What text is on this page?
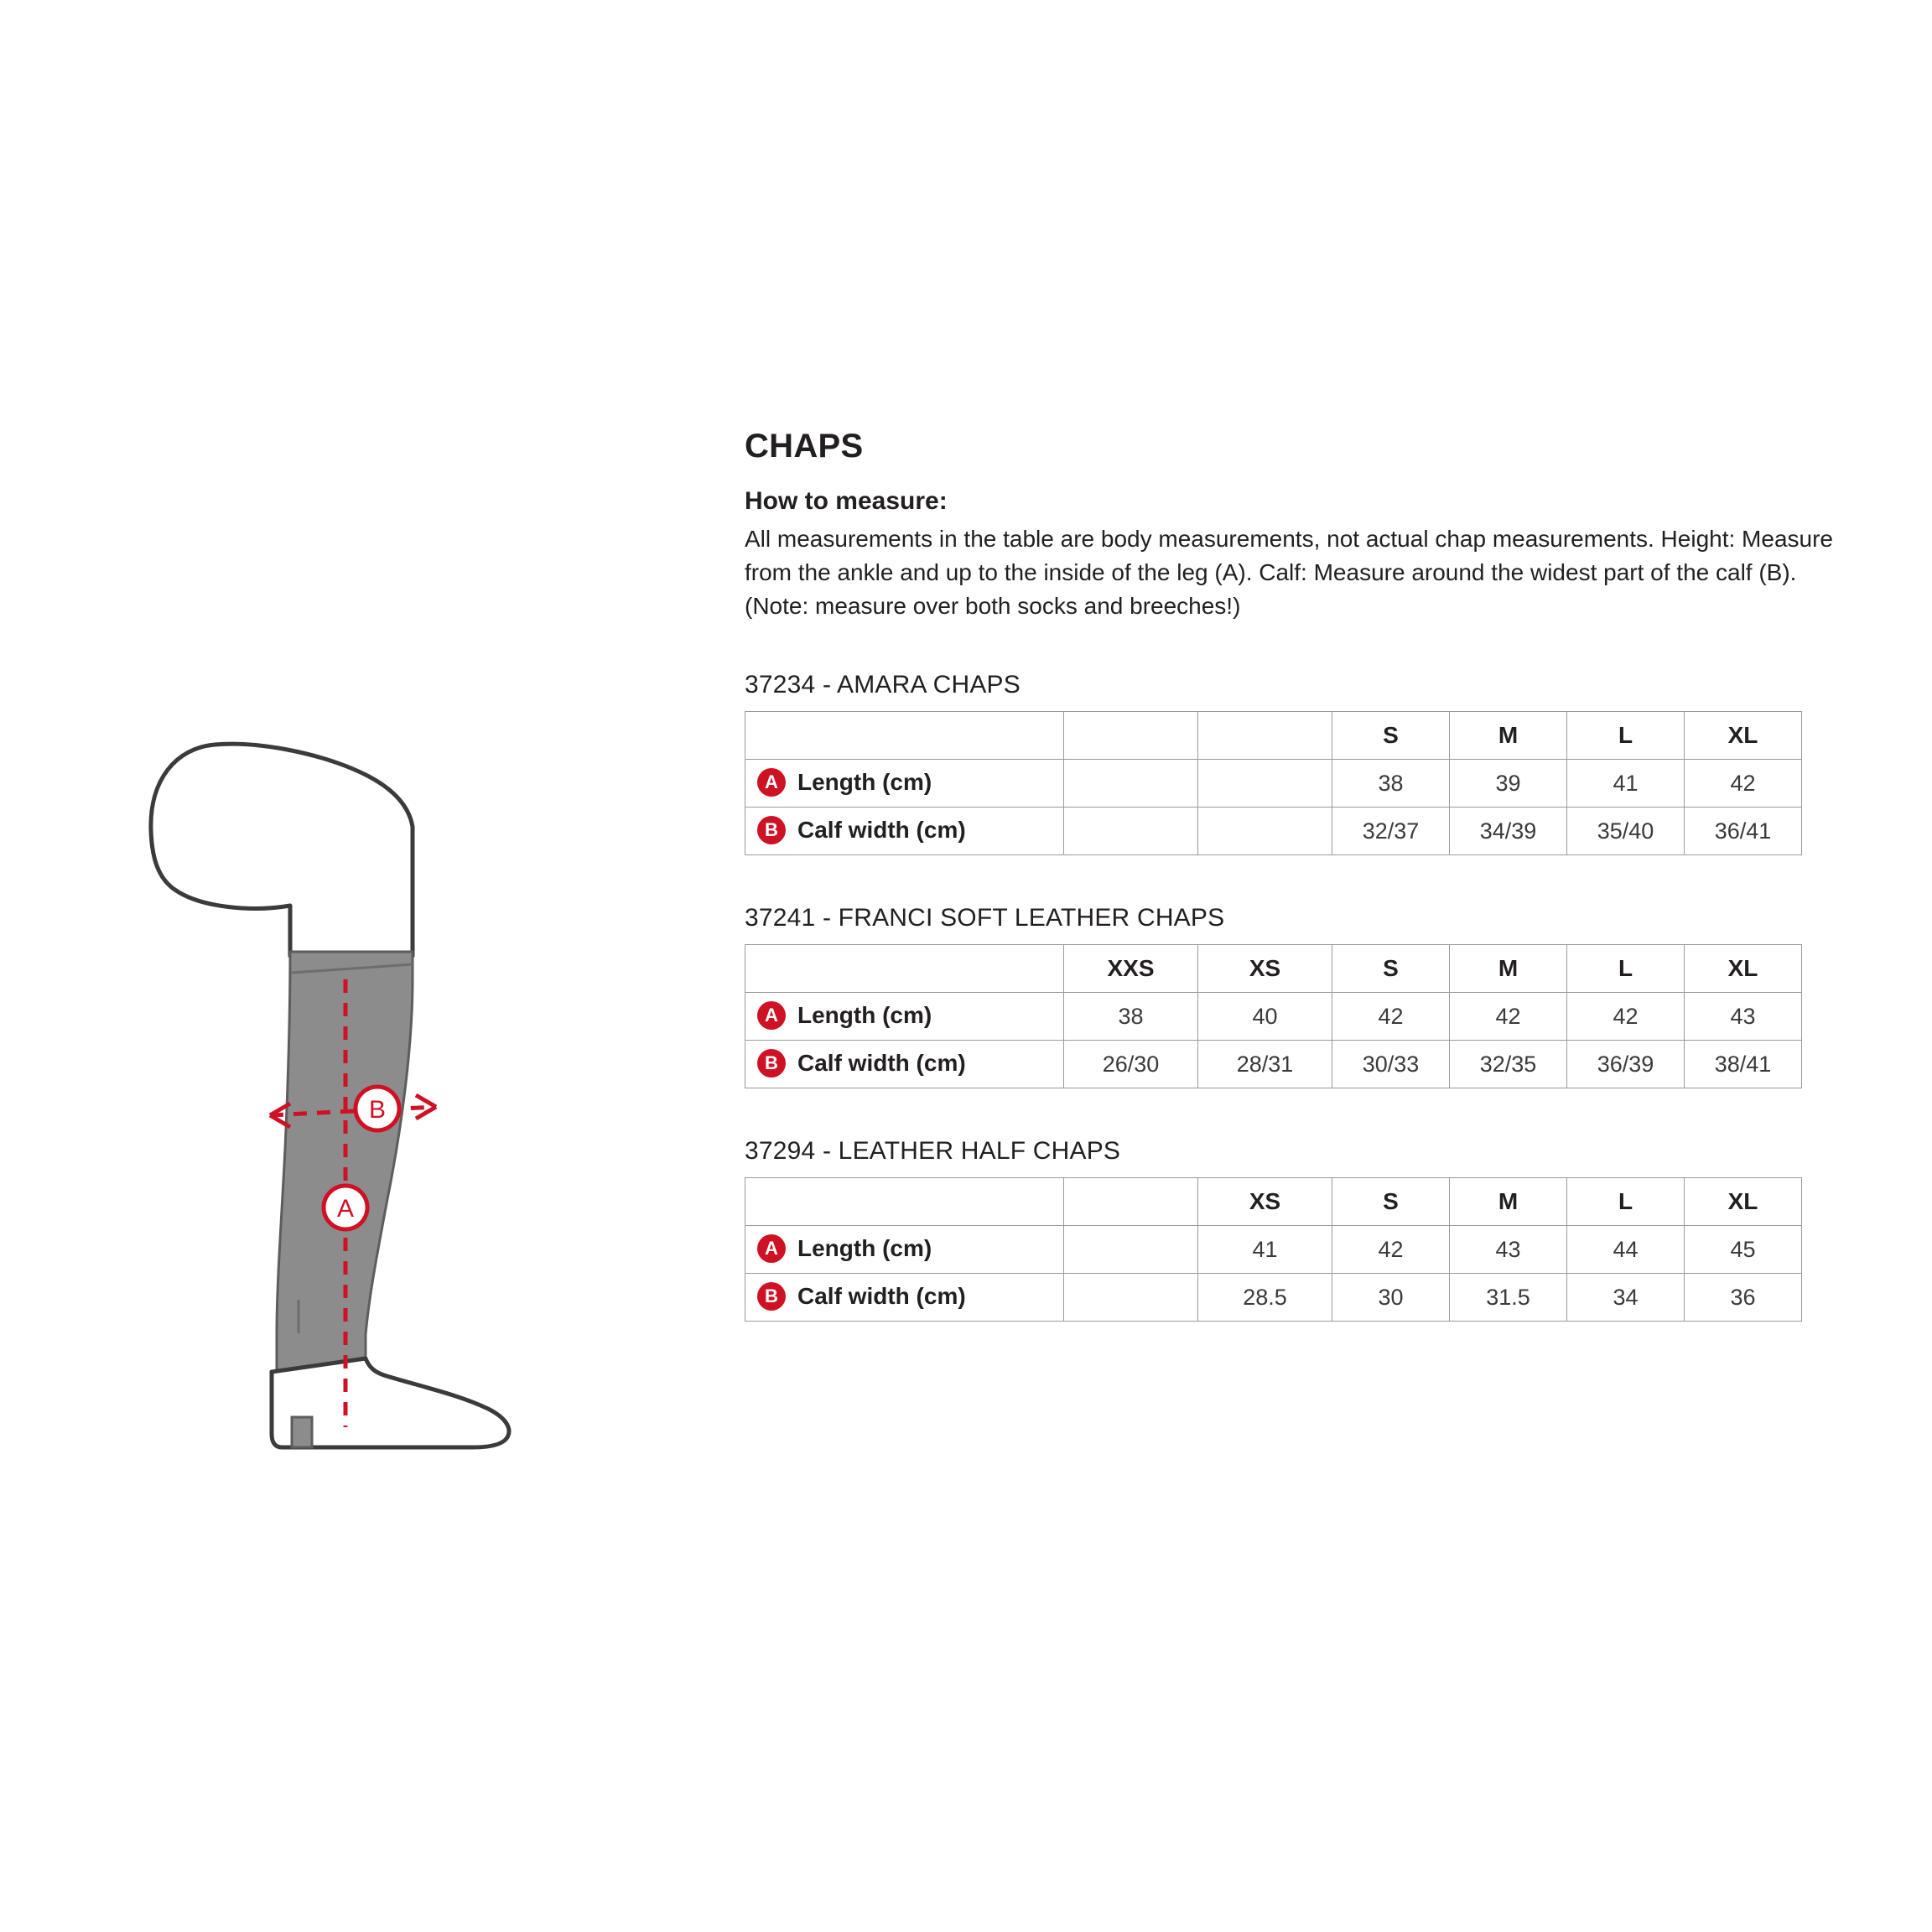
B
A
CHAPS
How to measure:

All measurements in the table are body measurements, not actual chap measurements. Height: Measure from the ankle and up to the inside of the leg (A). Calf: Measure around the widest part of the calf (B). (Note: measure over both socks and breeches!)

37234 - AMARA CHAPS
			S	M	L	XL
A Length (cm)			38	39	41	42
B Calf width (cm)			32/37	34/39	35/40	36/41
37241 - FRANCI SOFT LEATHER CHAPS
	XXS	XS	S	M	L	XL
A Length (cm)	38	40	42	42	42	43
B Calf width (cm)	26/30	28/31	30/33	32/35	36/39	38/41
37294 - LEATHER HALF CHAPS
		XS	S	M	L	XL
A Length (cm)		41	42	43	44	45
B Calf width (cm)		28.5	30	31.5	34	36
